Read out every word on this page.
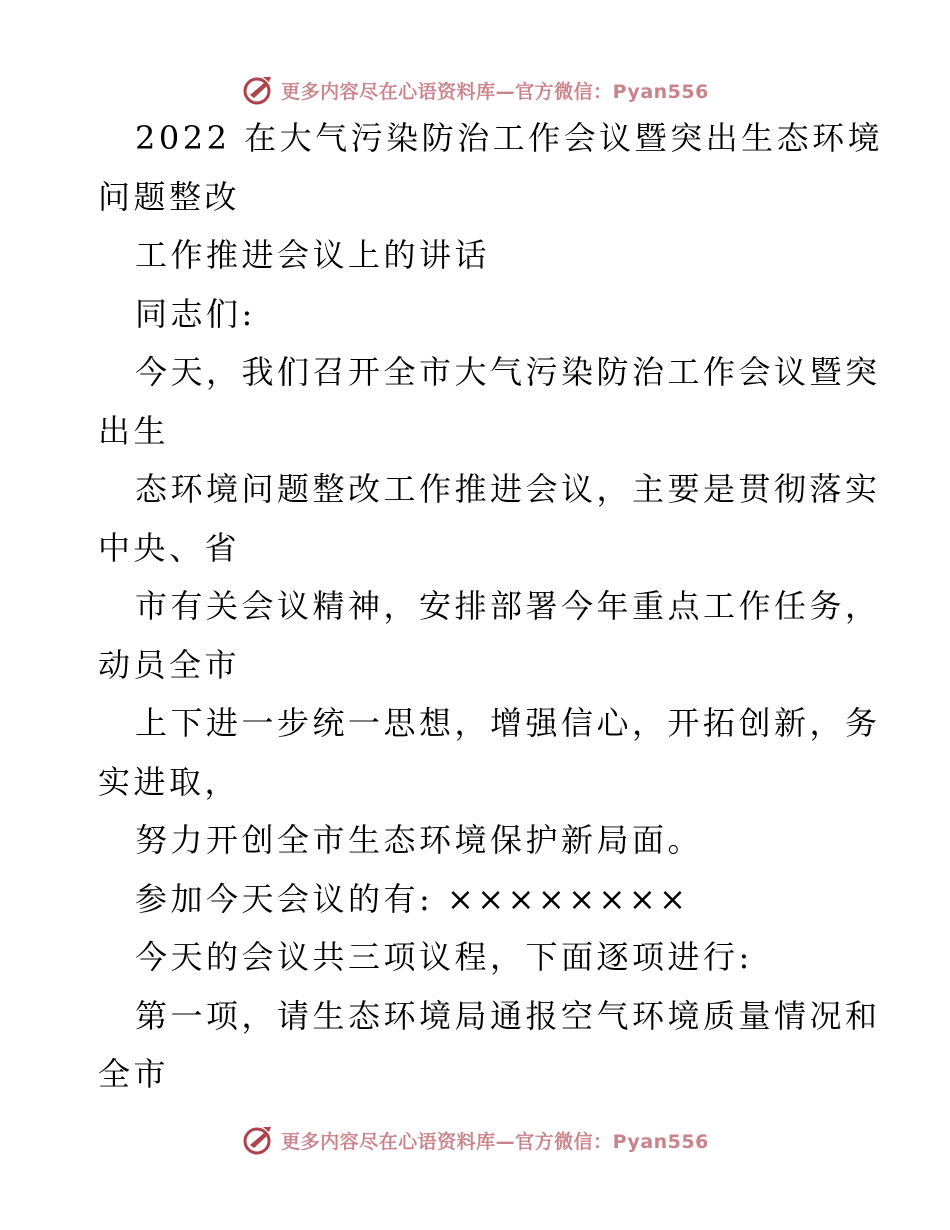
更多内容尽在心语资料库—官方微信：Pyan556
2022 在大气污染防治工作会议暨突出生态环境
问题整改
工作推进会议上的讲话
同志们:
今天，我们召开全市大气污染防治工作会议暨突
出生
态环境问题整改工作推进会议，主要是贯彻落实
中央、省
市有关会议精神，安排部署今年重点工作任务，
动员全市
上下进一步统一思想，增强信心，开拓创新，务
实进取，
努力开创全市生态环境保护新局面。
参加今天会议的有: ××××××××
今天的会议共三项议程，下面逐项进行:
第一项，请生态环境局通报空气环境质量情况和
全市
更多内容尽在心语资料库—官方微信：Pyan556
